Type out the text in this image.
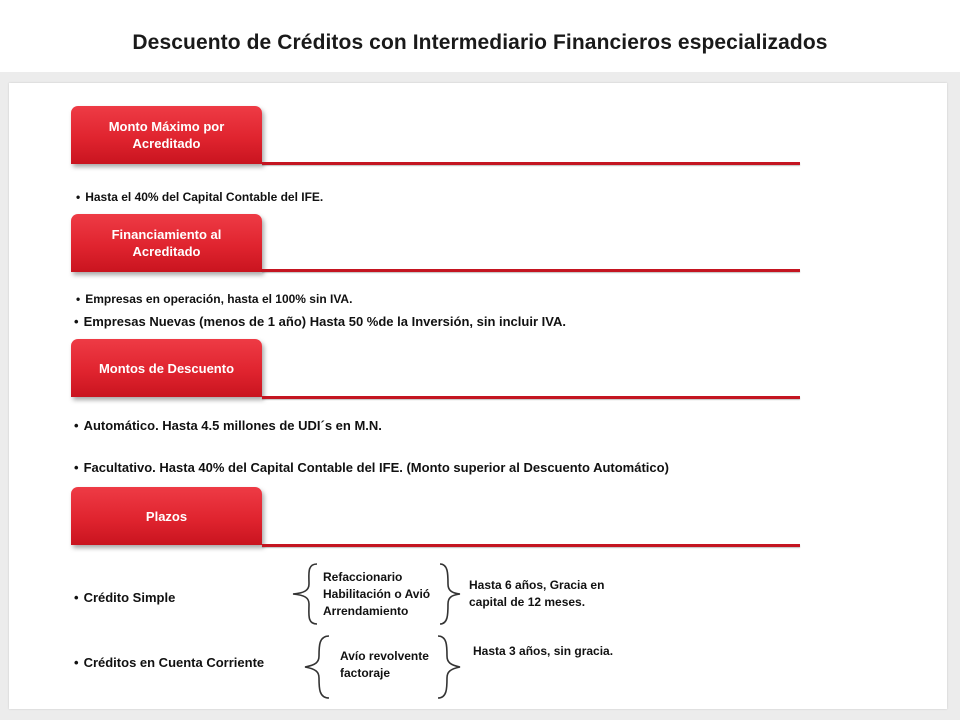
Descuento de Créditos con Intermediario Financieros especializados
Monto Máximo por Acreditado
• Hasta el 40% del Capital Contable del IFE.
Financiamiento al Acreditado
• Empresas en operación, hasta el 100% sin IVA.
• Empresas Nuevas (menos de 1 año) Hasta 50 %de la Inversión, sin incluir IVA.
Montos de Descuento
• Automático. Hasta 4.5 millones de UDI´s en M.N.
• Facultativo. Hasta 40% del Capital Contable del IFE. (Monto superior al Descuento Automático)
Plazos
• Crédito Simple
Refaccionario
Habilitación o Avió
Arrendamiento
Hasta 6 años, Gracia en capital de 12 meses.
• Créditos en Cuenta Corriente	Avío revolvente
factoraje
Hasta 3 años, sin gracia.
